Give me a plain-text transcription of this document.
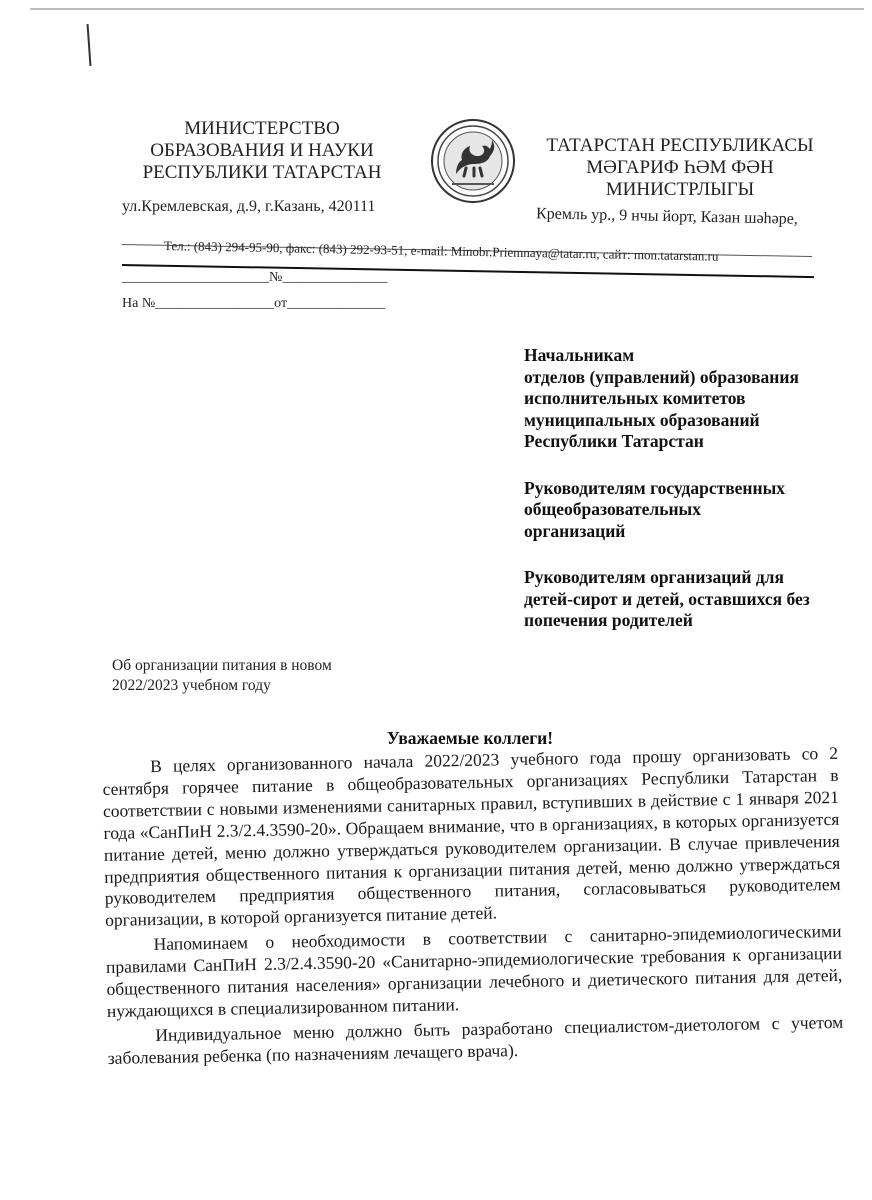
МИНИСТЕРСТВО
ОБРАЗОВАНИЯ И НАУКИ
РЕСПУБЛИКИ ТАТАРСТАН
ул.Кремлевская, д.9, г.Казань, 420111
ТАТАРСТАН РЕСПУБЛИКАСЫ
МӘГАРИФ ҺӘМ ФӘН
МИНИСТРЛЫГЫ
Кремль ур., 9 нчы йорт, Казан шәһәре,
Тел.: (843) 294-95-90, факс: (843) 292-93-51, e-mail: Minobr.Priemnaya@tatar.ru, сайт: mon.tatarstan.ru
_____________________№_______________
На №_________________от______________
Начальникам
отделов (управлений) образования
исполнительных комитетов
муниципальных образований
Республики Татарстан
Руководителям государственных
общеобразовательных
организаций
Руководителям организаций для
детей-сирот и детей, оставшихся без
попечения родителей
Об организации питания в новом
2022/2023 учебном году
Уважаемые коллеги!

В целях организованного начала 2022/2023 учебного года прошу организовать со 2 сентября горячее питание в общеобразовательных организациях Республики Татарстан в соответствии с новыми изменениями санитарных правил, вступивших в действие с 1 января 2021 года «СанПиН 2.3/2.4.3590-20». Обращаем внимание, что в организациях, в которых организуется питание детей, меню должно утверждаться руководителем организации. В случае привлечения предприятия общественного питания к организации питания детей, меню должно утверждаться руководителем предприятия общественного питания, согласовываться руководителем организации, в которой организуется питание детей.

Напоминаем о необходимости в соответствии с санитарно-эпидемиологическими правилами СанПиН 2.3/2.4.3590-20 «Санитарно-эпидемиологические требования к организации общественного питания населения» организации лечебного и диетического питания для детей, нуждающихся в специализированном питании.

Индивидуальное меню должно быть разработано специалистом-диетологом с учетом заболевания ребенка (по назначениям лечащего врача).
